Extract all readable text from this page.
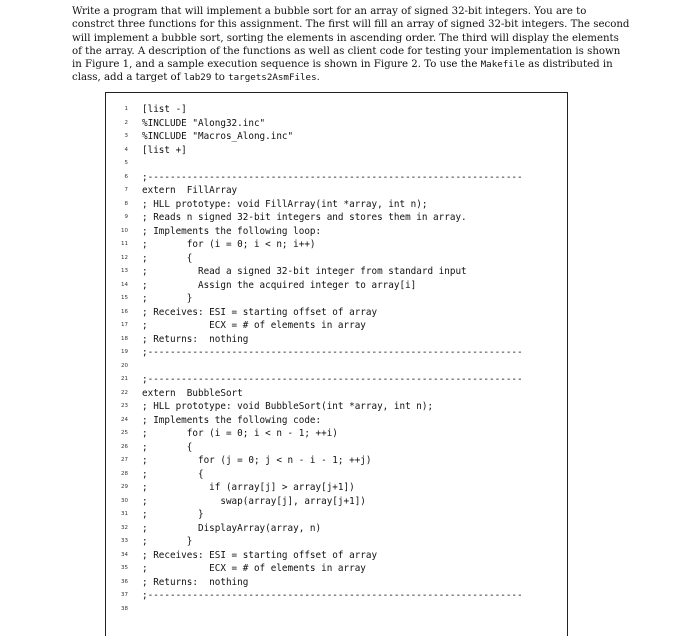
Write a program that will implement a bubble sort for an array of signed 32-bit integers. You are to
constrct three functions for this assignment. The first will fill an array of signed 32-bit integers. The second
will implement a bubble sort, sorting the elements in ascending order. The third will display the elements
of the array. A description of the functions as well as client code for testing your implementation is shown
in Figure 1, and a sample execution sequence is shown in Figure 2. To use the Makefile as distributed in
class, add a target of lab29 to targets2AsmFiles.
1 [list -]
2 %INCLUDE "Along32.inc"
3 %INCLUDE "Macros_Along.inc"
4 [list +]
5
6 ;-------------------------------------------------------------------
7 extern  FillArray
8 ; HLL prototype: void FillArray(int *array, int n);
9 ; Reads n signed 32-bit integers and stores them in array.
10 ; Implements the following loop:
11 ;       for (i = 0; i < n; i++)
12 ;       {
13 ;         Read a signed 32-bit integer from standard input
14 ;         Assign the acquired integer to array[i]
15 ;       }
16 ; Receives: ESI = starting offset of array
17 ;           ECX = # of elements in array
18 ; Returns:  nothing
19 ;-------------------------------------------------------------------
20
21 ;-------------------------------------------------------------------
22 extern  BubbleSort
23 ; HLL prototype: void BubbleSort(int *array, int n);
24 ; Implements the following code:
25 ;       for (i = 0; i < n - 1; ++i)
26 ;       {
27 ;         for (j = 0; j < n - i - 1; ++j)
28 ;         {
29 ;           if (array[j] > array[j+1])
30 ;             swap(array[j], array[j+1])
31 ;         }
32 ;         DisplayArray(array, n)
33 ;       }
34 ; Receives: ESI = starting offset of array
35 ;           ECX = # of elements in array
36 ; Returns:  nothing
37 ;-------------------------------------------------------------------
38
